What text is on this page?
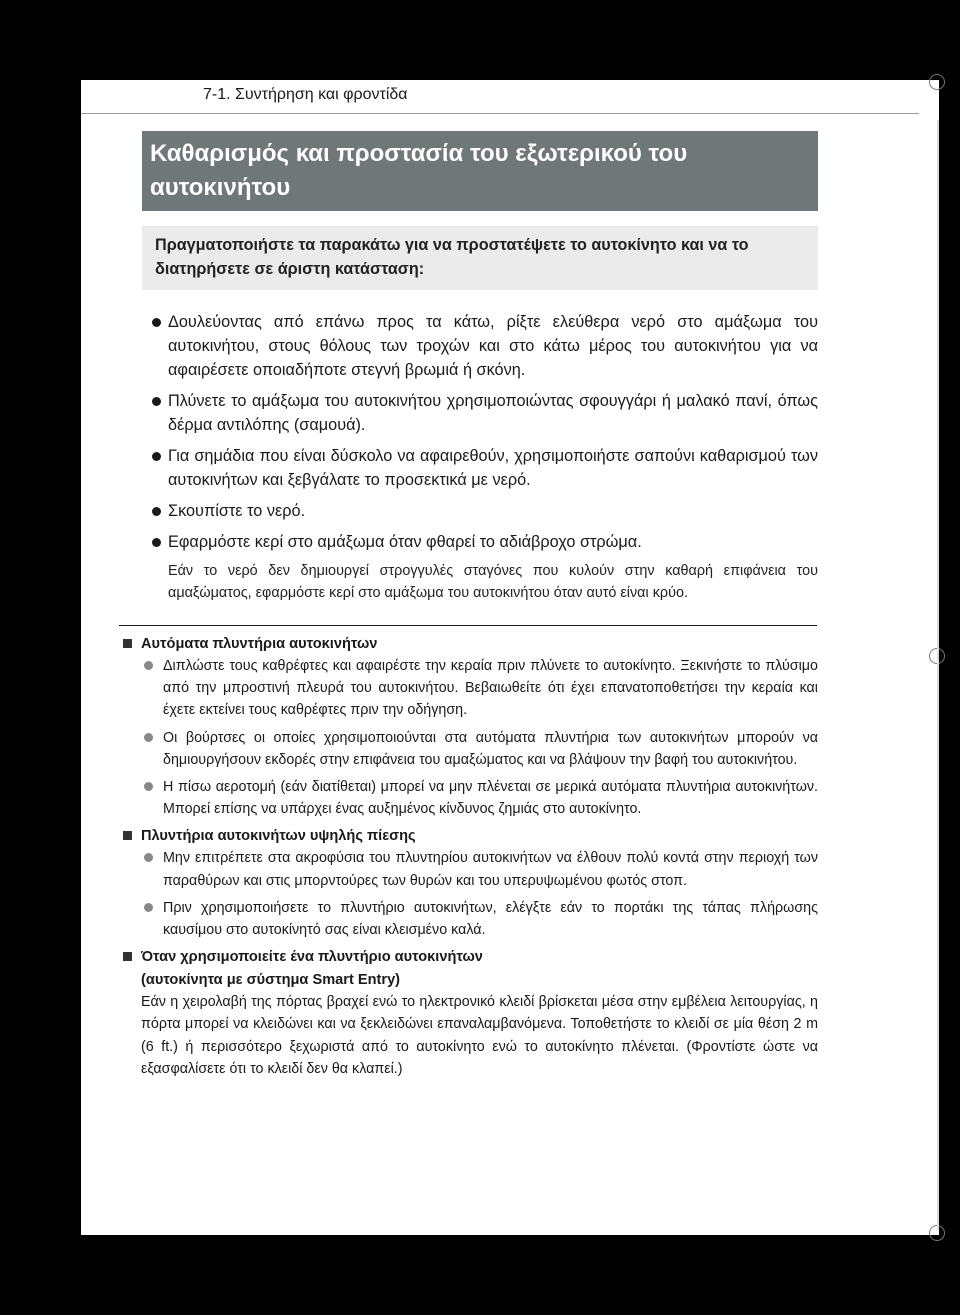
7-1. Συντήρηση και φροντίδα
Καθαρισμός και προστασία του εξωτερικού του αυτοκινήτου
Πραγματοποιήστε τα παρακάτω για να προστατέψετε το αυτοκίνητο και να το διατηρήσετε σε άριστη κατάσταση:
Δουλεύοντας από επάνω προς τα κάτω, ρίξτε ελεύθερα νερό στο αμάξωμα του αυτοκινήτου, στους θόλους των τροχών και στο κάτω μέρος του αυτοκινήτου για να αφαιρέσετε οποιαδήποτε στεγνή βρωμιά ή σκόνη.
Πλύνετε το αμάξωμα του αυτοκινήτου χρησιμοποιώντας σφουγγάρι ή μαλακό πανί, όπως δέρμα αντιλόπης (σαμουά).
Για σημάδια που είναι δύσκολο να αφαιρεθούν, χρησιμοποιήστε σαπούνι καθαρισμού των αυτοκινήτων και ξεβγάλατε το προσεκτικά με νερό.
Σκουπίστε το νερό.
Εφαρμόστε κερί στο αμάξωμα όταν φθαρεί το αδιάβροχο στρώμα.
Εάν το νερό δεν δημιουργεί στρογγυλές σταγόνες που κυλούν στην καθαρή επιφάνεια του αμαξώματος, εφαρμόστε κερί στο αμάξωμα του αυτοκινήτου όταν αυτό είναι κρύο.
Αυτόματα πλυντήρια αυτοκινήτων
Διπλώστε τους καθρέφτες και αφαιρέστε την κεραία πριν πλύνετε το αυτοκίνητο. Ξεκινήστε το πλύσιμο από την μπροστινή πλευρά του αυτοκινήτου. Βεβαιωθείτε ότι έχει επανατοποθετήσει την κεραία και έχετε εκτείνει τους καθρέφτες πριν την οδήγηση.
Οι βούρτσες οι οποίες χρησιμοποιούνται στα αυτόματα πλυντήρια των αυτοκινήτων μπορούν να δημιουργήσουν εκδορές στην επιφάνεια του αμαξώματος και να βλάψουν την βαφή του αυτοκινήτου.
Η πίσω αεροτομή (εάν διατίθεται) μπορεί να μην πλένεται σε μερικά αυτόματα πλυντήρια αυτοκινήτων. Μπορεί επίσης να υπάρχει ένας αυξημένος κίνδυνος ζημιάς στο αυτοκίνητο.
Πλυντήρια αυτοκινήτων υψηλής πίεσης
Μην επιτρέπετε στα ακροφύσια του πλυντηρίου αυτοκινήτων να έλθουν πολύ κοντά στην περιοχή των παραθύρων και στις μπορντούρες των θυρών και του υπερυψωμένου φωτός στοπ.
Πριν χρησιμοποιήσετε το πλυντήριο αυτοκινήτων, ελέγξτε εάν το πορτάκι της τάπας πλήρωσης καυσίμου στο αυτοκίνητό σας είναι κλεισμένο καλά.
Όταν χρησιμοποιείτε ένα πλυντήριο αυτοκινήτων
(αυτοκίνητα με σύστημα Smart Entry)
Εάν η χειρολαβή της πόρτας βραχεί ενώ το ηλεκτρονικό κλειδί βρίσκεται μέσα στην εμβέλεια λειτουργίας, η πόρτα μπορεί να κλειδώνει και να ξεκλειδώνει επαναλαμβανόμενα. Τοποθετήστε το κλειδί σε μία θέση 2 m (6 ft.) ή περισσότερο ξεχωριστά από το αυτοκίνητο ενώ το αυτοκίνητο πλένεται. (Φροντίστε ώστε να εξασφαλίσετε ότι το κλειδί δεν θα κλαπεί.)
